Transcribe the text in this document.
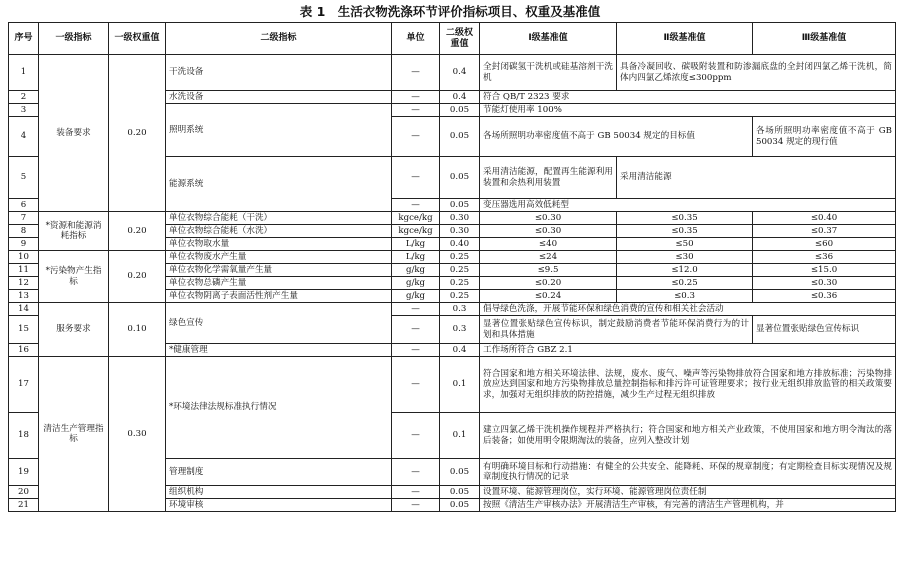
表 1　生活衣物洗涤环节评价指标项目、权重及基准值
序号	一级指标	一级权重值	二级指标	单位	二级权重值	Ⅰ级基准值	Ⅱ级基准值	Ⅲ级基准值
1	装备要求	0.20	干洗设备	—	0.4	全封闭碳氢干洗机或硅基溶剂干洗机	具备冷凝回收、碳吸附装置和防渗漏底盘的全封闭四氯乙烯干洗机，简体内四氯乙烯浓度≤300ppm	
2			水洗设备	—	0.4	符合 QB/T 2323 要求		
3			照明系统	—	0.05	节能灯使用率 100%		
4				—	0.05	各场所照明功率密度值不高于 GB 50034 规定的目标值		各场所照明功率密度值不高于 GB 50034 规定的现行值
5			能源系统	—	0.05	采用清洁能源，配置再生能源利用装置和余热利用装置	采用清洁能源	
6				—	0.05	变压器选用高效低耗型		
7	*资源和能源消耗指标	0.20	单位衣物综合能耗（干洗）	kgce/kg	0.30	≤0.30	≤0.35	≤0.40
8			单位衣物综合能耗（水洗）	kgce/kg	0.30	≤0.30	≤0.35	≤0.37
9			单位衣物取水量	L/kg	0.40	≤40	≤50	≤60
10	*污染物产生指标	0.20	单位衣物废水产生量	L/kg	0.25	≤24	≤30	≤36
11			单位衣物化学需氧量产生量	g/kg	0.25	≤9.5	≤12.0	≤15.0
12			单位衣物总磷产生量	g/kg	0.25	≤0.20	≤0.25	≤0.30
13			单位衣物阴离子表面活性剂产生量	g/kg	0.25	≤0.24	≤0.3	≤0.36
14	服务要求	0.10	绿色宣传	—	0.3	倡导绿色洗涤，开展节能环保和绿色消费的宣传和相关社会活动		
15				—	0.3	显著位置张贴绿色宣传标识，制定鼓励消费者节能环保消费行为的计划和具体措施		显著位置张贴绿色宣传标识
16			*健康管理	—	0.4	工作场所符合 GBZ 2.1		
17	清洁生产管理指标	0.30	*环境法律法规标准执行情况	—	0.1	符合国家和地方相关环境法律、法规，废水、废气、噪声等污染物排放符合国家和地方排放标准；污染物排放应达到国家和地方污染物排放总量控制指标和排污许可证管理要求；按行业无组织排放监管的相关政策要求，加强对无组织排放的防控措施，减少生产过程无组织排放		
18				—	0.1	建立四氯乙烯干洗机操作规程并严格执行；符合国家和地方相关产业政策，不使用国家和地方明令淘汰的落后装备；如使用明令限期淘汰的装备，应列入整改计划		
19			管理制度	—	0.05	有明确环境目标和行动措施：有健全的公共安全、能降耗、环保的规章制度；有定期检查目标实现情况及规章制度执行情况的记录		
20			组织机构	—	0.05	设置环境、能源管理岗位，实行环境、能源管理岗位责任制		
21			环境审核	—	0.05	按照《清洁生产审核办法》开展清洁生产审核，有完善的清洁生产管理机构，并		
